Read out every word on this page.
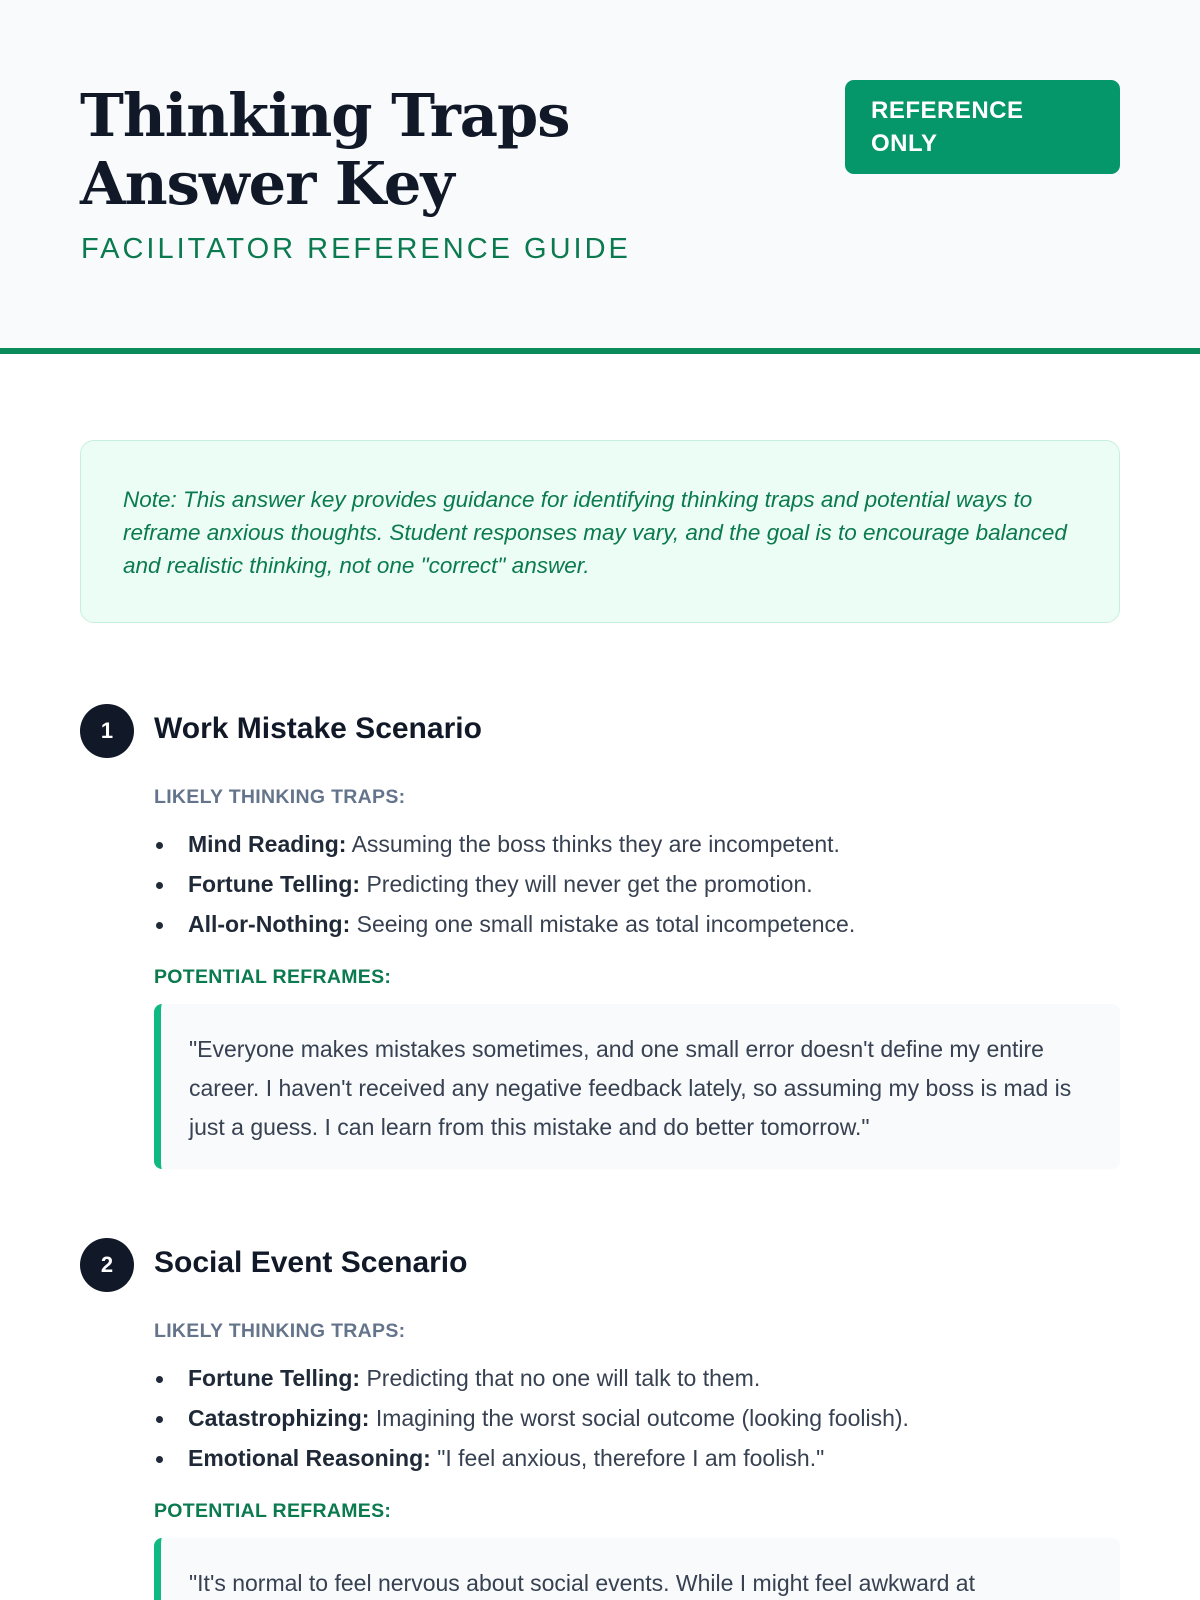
Thinking Traps Answer Key
FACILITATOR REFERENCE GUIDE
REFERENCE ONLY
Note: This answer key provides guidance for identifying thinking traps and potential ways to reframe anxious thoughts. Student responses may vary, and the goal is to encourage balanced and realistic thinking, not one "correct" answer.
1	Work Mistake Scenario
LIKELY THINKING TRAPS:
Mind Reading: Assuming the boss thinks they are incompetent.
Fortune Telling: Predicting they will never get the promotion.
All-or-Nothing: Seeing one small mistake as total incompetence.
POTENTIAL REFRAMES:
"Everyone makes mistakes sometimes, and one small error doesn't define my entire career. I haven't received any negative feedback lately, so assuming my boss is mad is just a guess. I can learn from this mistake and do better tomorrow."
2	Social Event Scenario
LIKELY THINKING TRAPS:
Fortune Telling: Predicting that no one will talk to them.
Catastrophizing: Imagining the worst social outcome (looking foolish).
Emotional Reasoning: "I feel anxious, therefore I am foolish."
POTENTIAL REFRAMES:
"It's normal to feel nervous about social events. While I might feel awkward at
